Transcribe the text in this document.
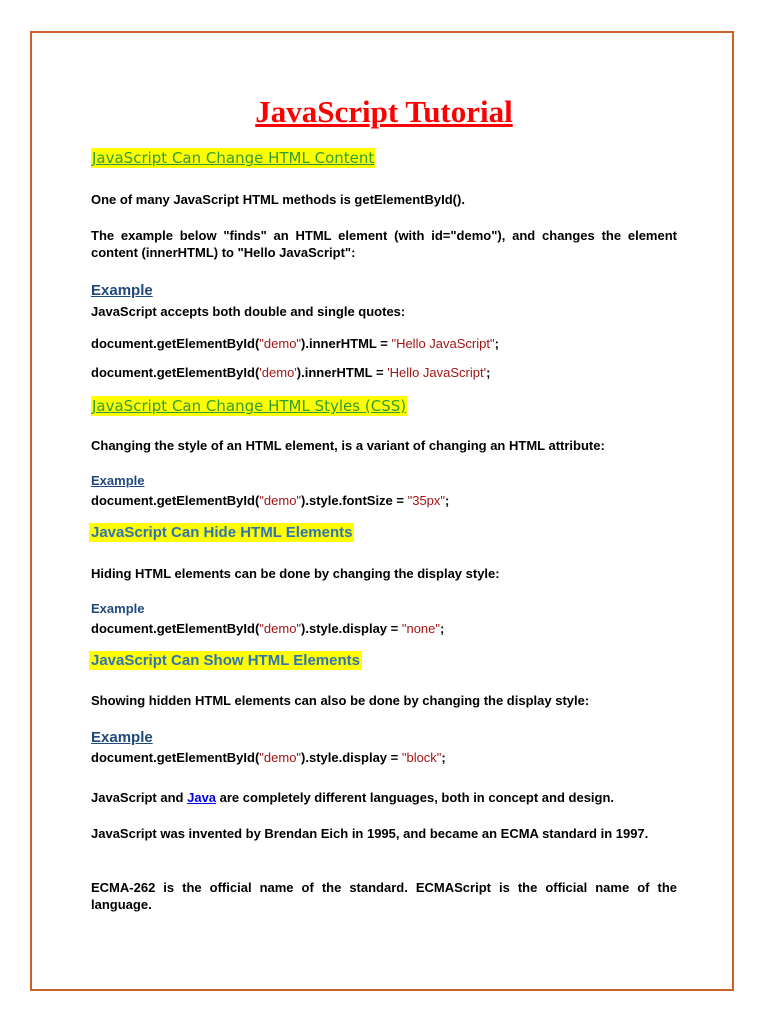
JavaScript Tutorial
JavaScript Can Change HTML Content
One of many JavaScript HTML methods is getElementById().
The example below "finds" an HTML element (with id="demo"), and changes the element content (innerHTML) to "Hello JavaScript":
Example
JavaScript accepts both double and single quotes:
document.getElementById("demo").innerHTML = "Hello JavaScript";
document.getElementById('demo').innerHTML = 'Hello JavaScript';
JavaScript Can Change HTML Styles (CSS)
Changing the style of an HTML element, is a variant of changing an HTML attribute:
Example
document.getElementById("demo").style.fontSize = "35px";
JavaScript Can Hide HTML Elements
Hiding HTML elements can be done by changing the display style:
Example
document.getElementById("demo").style.display = "none";
JavaScript Can Show HTML Elements
Showing hidden HTML elements can also be done by changing the display style:
Example
document.getElementById("demo").style.display = "block";
JavaScript and Java are completely different languages, both in concept and design.
JavaScript was invented by Brendan Eich in 1995, and became an ECMA standard in 1997.
ECMA-262 is the official name of the standard. ECMAScript is the official name of the language.
